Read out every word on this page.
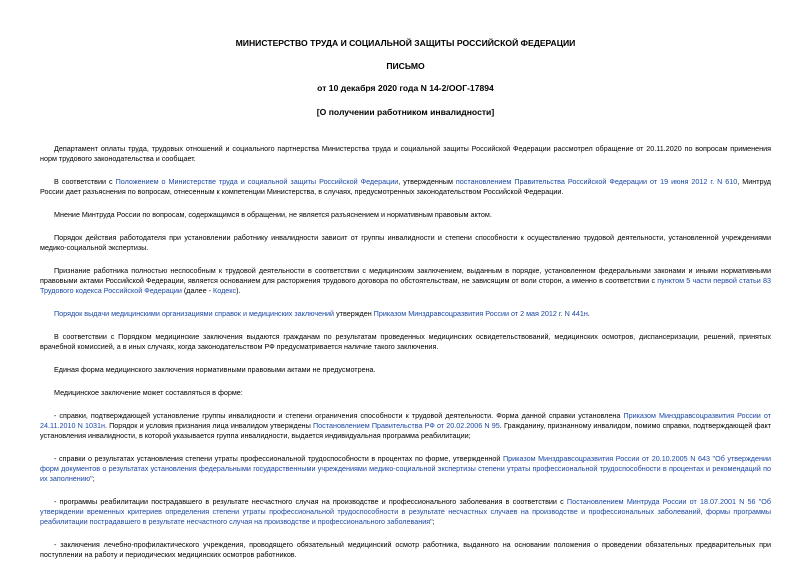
МИНИСТЕРСТВО ТРУДА И СОЦИАЛЬНОЙ ЗАЩИТЫ РОССИЙСКОЙ ФЕДЕРАЦИИ
ПИСЬМО
от 10 декабря 2020 года N 14-2/ООГ-17894
[О получении работником инвалидности]

Департамент оплаты труда, трудовых отношений и социального партнерства Министерства труда и социальной защиты Российской Федерации рассмотрел обращение от 20.11.2020 по вопросам применения норм трудового законодательства и сообщает.

В соответствии с Положением о Министерстве труда и социальной защиты Российской Федерации, утвержденным постановлением Правительства Российской Федерации от 19 июня 2012 г. N 610, Минтруд России дает разъяснения по вопросам, отнесенным к компетенции Министерства, в случаях, предусмотренных законодательством Российской Федерации.

Мнение Минтруда России по вопросам, содержащимся в обращении, не является разъяснением и нормативным правовым актом.

Порядок действия работодателя при установлении работнику инвалидности зависит от группы инвалидности и степени способности к осуществлению трудовой деятельности, установленной учреждениями медико-социальной экспертизы.

Признание работника полностью неспособным к трудовой деятельности в соответствии с медицинским заключением, выданным в порядке, установленном федеральными законами и иными нормативными правовыми актами Российской Федерации, является основанием для расторжения трудового договора по обстоятельствам, не зависящим от воли сторон, а именно в соответствии с пунктом 5 части первой статьи 83 Трудового кодекса Российской Федерации (далее - Кодекс).

Порядок выдачи медицинскими организациями справок и медицинских заключений утвержден Приказом Минздравсоцразвития России от 2 мая 2012 г. N 441н.

В соответствии с Порядком медицинские заключения выдаются гражданам по результатам проведенных медицинских освидетельствований, медицинских осмотров, диспансеризации, решений, принятых врачебной комиссией, а в иных случаях, когда законодательством РФ предусматривается наличие такого заключения.

Единая форма медицинского заключения нормативными правовыми актами не предусмотрена.

Медицинское заключение может составляться в форме:

- справки, подтверждающей установление группы инвалидности и степени ограничения способности к трудовой деятельности. Форма данной справки установлена Приказом Минздравсоцразвития России от 24.11.2010 N 1031н. Порядок и условия признания лица инвалидом утверждены Постановлением Правительства РФ от 20.02.2006 N 95. Гражданину, признанному инвалидом, помимо справки, подтверждающей факт установления инвалидности, в которой указывается группа инвалидности, выдается индивидуальная программа реабилитации;

- справки о результатах установления степени утраты профессиональной трудоспособности в процентах по форме, утвержденной Приказом Минздравсоцразвития России от 20.10.2005 N 643 "Об утверждении форм документов о результатах установления федеральными государственными учреждениями медико-социальной экспертизы степени утраты профессиональной трудоспособности в процентах и рекомендаций по их заполнению";

- программы реабилитации пострадавшего в результате несчастного случая на производстве и профессионального заболевания в соответствии с Постановлением Минтруда России от 18.07.2001 N 56 "Об утверждении временных критериев определения степени утраты профессиональной трудоспособности в результате несчастных случаев на производстве и профессиональных заболеваний, формы программы реабилитации пострадавшего в результате несчастного случая на производстве и профессионального заболевания";

- заключения лечебно-профилактического учреждения, проводящего обязательный медицинский осмотр работника, выданного на основании положения о проведении обязательных предварительных при поступлении на работу и периодических медицинских осмотров работников.
